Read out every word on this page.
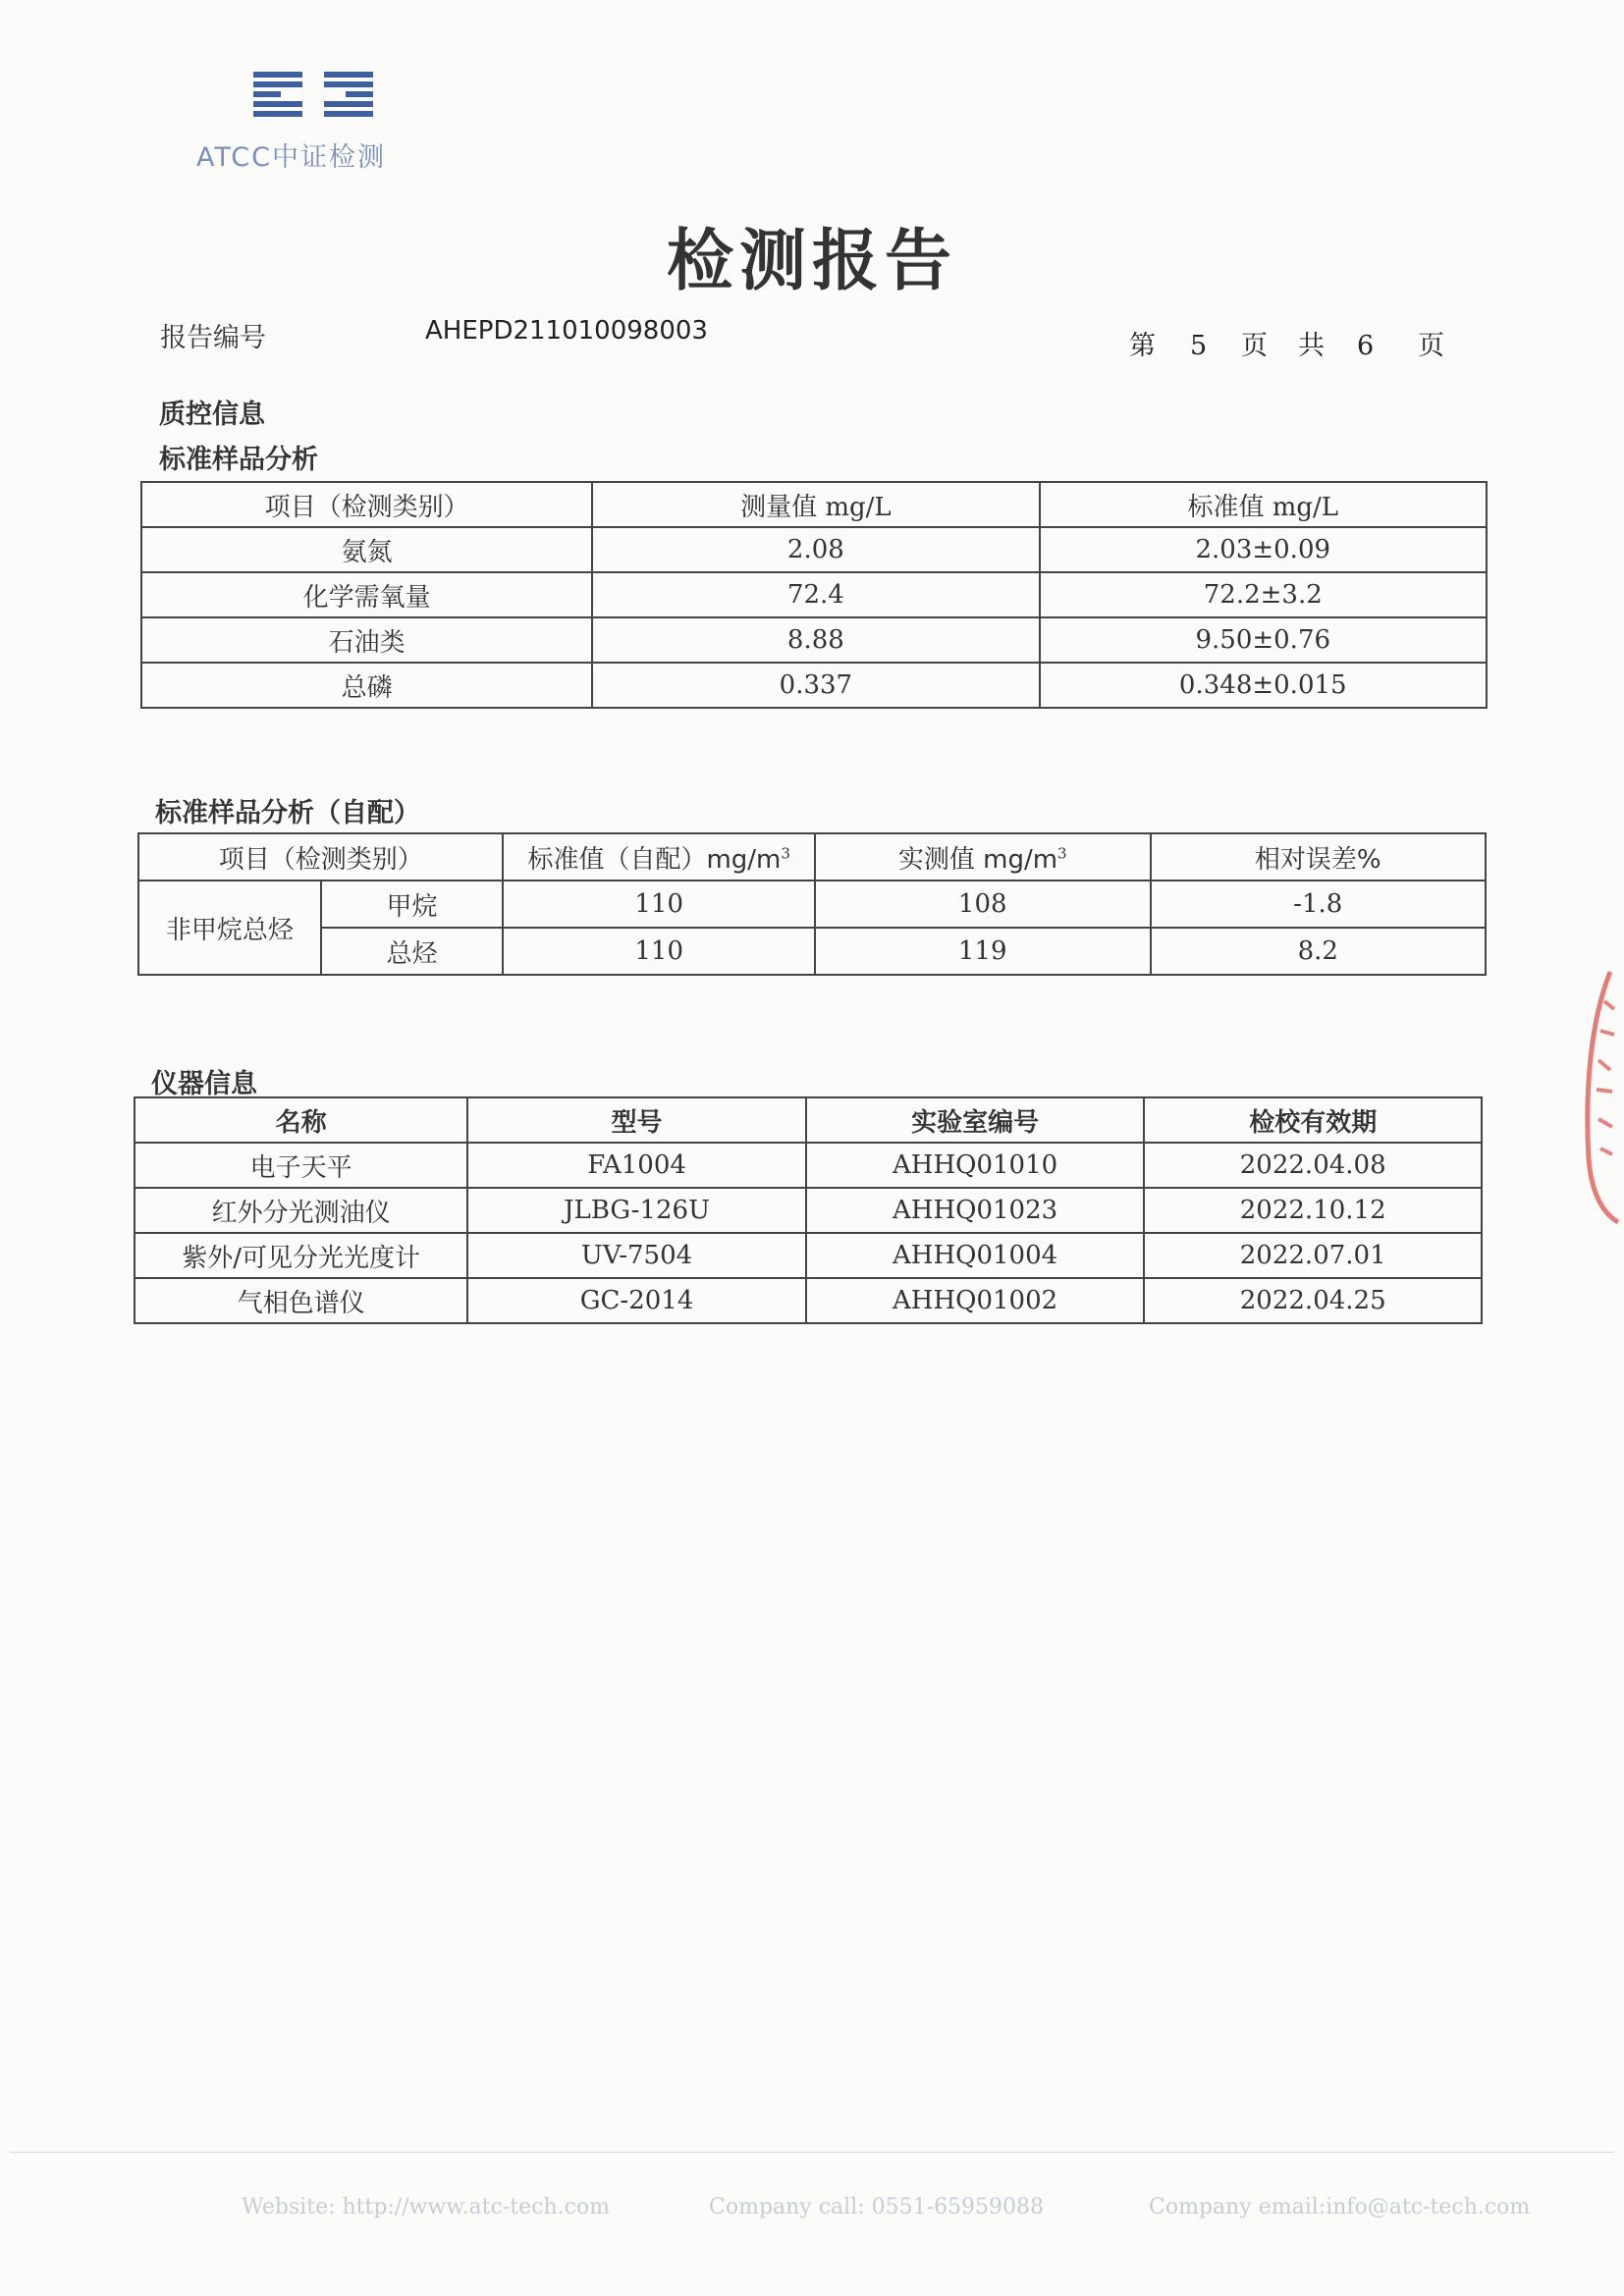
ATCC中证检测
检测报告
报告编号	AHEPD211010098003	第 5 页 共 6 页
质控信息
标准样品分析
项目（检测类别）	测量值 mg/L	标准值 mg/L
氨氮	2.08	2.03±0.09
化学需氧量	72.4	72.2±3.2
石油类	8.88	9.50±0.76
总磷	0.337	0.348±0.015
标准样品分析（自配）
项目（检测类别）		标准值（自配）$mg/m^3$	实测值 $mg/m^3$	相对误差%
非甲烷总烃	甲烷	110	108	-1.8
	总烃	110	119	8.2
仪器信息
名称	型号	实验室编号	检校有效期
电子天平	FA1004	AHHQ01010	2022.04.08
红外分光测油仪	JLBG-126U	AHHQ01023	2022.10.12
紫外/可见分光光度计	UV-7504	AHHQ01004	2022.07.01
气相色谱仪	GC-2014	AHHQ01002	2022.04.25
Website: http://www.atc-tech.com	Company call: 0551-65959088	Company email:info@atc-tech.com
